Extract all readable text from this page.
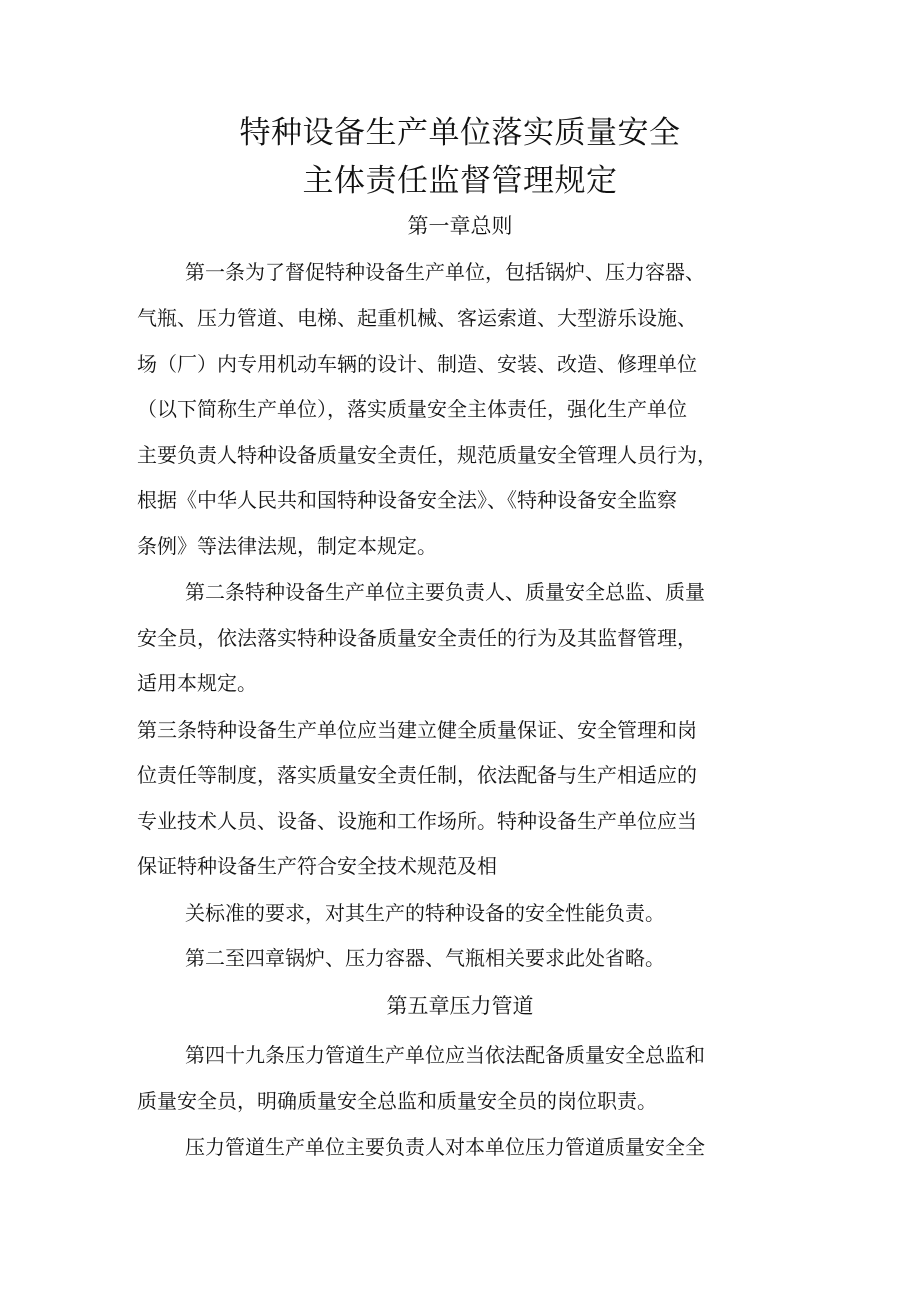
特种设备生产单位落实质量安全
主体责任监督管理规定
第一章总则
第一条为了督促特种设备生产单位，包括锅炉、压力容器、
气瓶、压力管道、电梯、起重机械、客运索道、大型游乐设施、
场（厂）内专用机动车辆的设计、制造、安装、改造、修理单位
（以下简称生产单位），落实质量安全主体责任，强化生产单位
主要负责人特种设备质量安全责任，规范质量安全管理人员行为，
根据《中华人民共和国特种设备安全法》、《特种设备安全监察
条例》等法律法规，制定本规定。
第二条特种设备生产单位主要负责人、质量安全总监、质量
安全员，依法落实特种设备质量安全责任的行为及其监督管理，
适用本规定。
第三条特种设备生产单位应当建立健全质量保证、安全管理和岗
位责任等制度，落实质量安全责任制，依法配备与生产相适应的
专业技术人员、设备、设施和工作场所。特种设备生产单位应当
保证特种设备生产符合安全技术规范及相
关标准的要求，对其生产的特种设备的安全性能负责。
第二至四章锅炉、压力容器、气瓶相关要求此处省略。
第五章压力管道
第四十九条压力管道生产单位应当依法配备质量安全总监和
质量安全员，明确质量安全总监和质量安全员的岗位职责。
压力管道生产单位主要负责人对本单位压力管道质量安全全
